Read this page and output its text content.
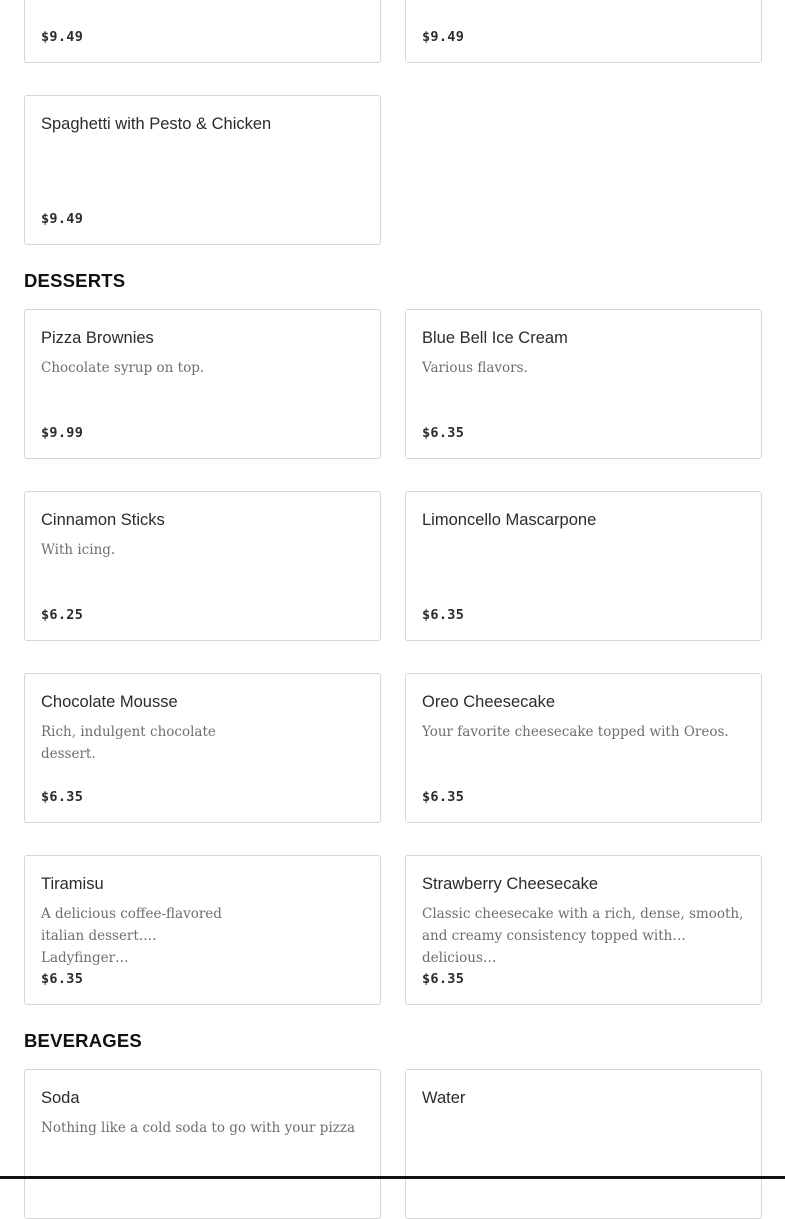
$9.49	$9.49
Spaghetti with Pesto & Chicken
$9.49
DESSERTS
Pizza Brownies
Chocolate syrup on top.
$9.99
Blue Bell Ice Cream
Various flavors.
$6.35
Cinnamon Sticks
With icing.
$6.25
Limoncello Mascarpone
$6.35
Chocolate Mousse
Rich, indulgent chocolate dessert.
$6.35
Oreo Cheesecake
Your favorite cheesecake topped with Oreos.
$6.35
Tiramisu
A delicious coffee-flavored italian dessert. Ladyfinger…
$6.35
Strawberry Cheesecake
Classic cheesecake with a rich, dense, smooth, and creamy consistency topped with delicious…
$6.35
BEVERAGES
Soda
Nothing like a cold soda to go with your pizza
Water
